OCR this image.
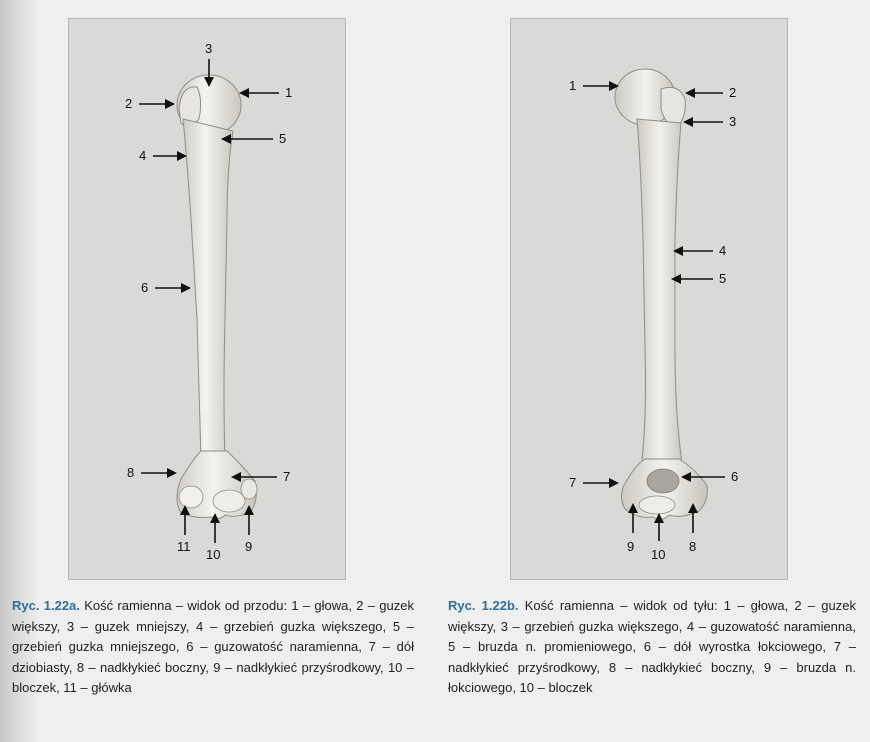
3
1
2
5
4
6
8	7
11
10
9
1	2
3
4
5
6
7
9
10
8
Ryc. 1.22a. Kość ramienna – widok od przodu: 1 – głowa, 2 – guzek większy, 3 – guzek mniejszy, 4 – grzebień guzka większego, 5 – grzebień guzka mniejszego, 6 – guzowatość naramienna, 7 – dół dziobiasty, 8 – nadkłykieć boczny, 9 – nadkłykieć przyśrodkowy, 10 – bloczek, 11 – główka
Ryc. 1.22b. Kość ramienna – widok od tyłu: 1 – głowa, 2 – guzek większy, 3 – grzebień guzka większego, 4 – guzowatość naramienna, 5 – bruzda n. promieniowego, 6 – dół wyrostka łokciowego, 7 – nadkłykieć przyśrodkowy, 8 – nadkłykieć boczny, 9 – bruzda n. łokciowego, 10 – bloczek
